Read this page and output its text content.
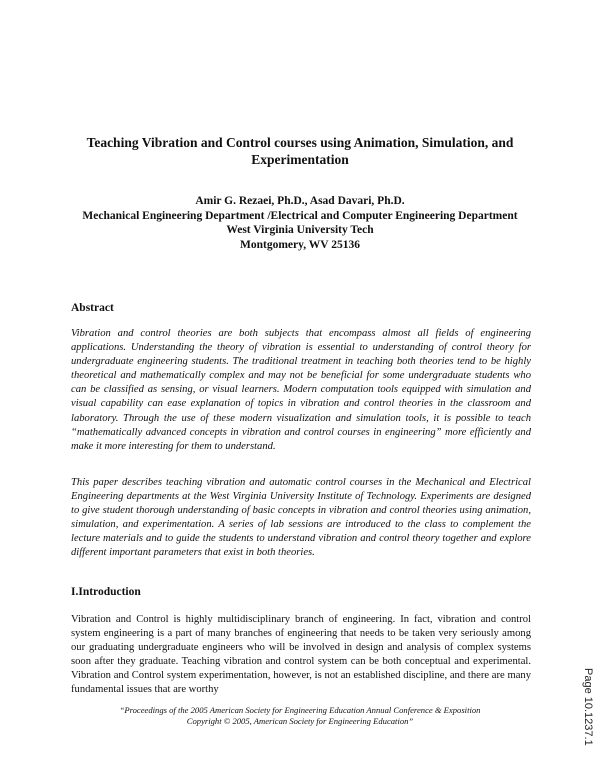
Teaching Vibration and Control courses using Animation, Simulation, and Experimentation
Amir G. Rezaei, Ph.D., Asad Davari, Ph.D.
Mechanical Engineering Department /Electrical and Computer Engineering Department
West Virginia University Tech
Montgomery, WV 25136
Abstract
Vibration and control theories are both subjects that encompass almost all fields of engineering applications. Understanding the theory of vibration is essential to understanding of control theory for undergraduate engineering students. The traditional treatment in teaching both theories tend to be highly theoretical and mathematically complex and may not be beneficial for some undergraduate students who can be classified as sensing, or visual learners. Modern computation tools equipped with simulation and visual capability can ease explanation of topics in vibration and control theories in the classroom and laboratory. Through the use of these modern visualization and simulation tools, it is possible to teach “mathematically advanced concepts in vibration and control courses in engineering” more efficiently and make it more interesting for them to understand.
This paper describes teaching vibration and automatic control courses in the Mechanical and Electrical Engineering departments at the West Virginia University Institute of Technology. Experiments are designed to give student thorough understanding of basic concepts in vibration and control theories using animation, simulation, and experimentation. A series of lab sessions are introduced to the class to complement the lecture materials and to guide the students to understand vibration and control theory together and explore different important parameters that exist in both theories.
I.Introduction
Vibration and Control is highly multidisciplinary branch of engineering. In fact, vibration and control system engineering is a part of many branches of engineering that needs to be taken very seriously among our graduating undergraduate engineers who will be involved in design and analysis of complex systems soon after they graduate. Teaching vibration and control system can be both conceptual and experimental. Vibration and Control system experimentation, however, is not an established discipline, and there are many fundamental issues that are worthy
“Proceedings of the 2005 American Society for Engineering Education Annual Conference & Exposition
Copyright © 2005, American Society for Engineering Education”	Page 10.1237.1
